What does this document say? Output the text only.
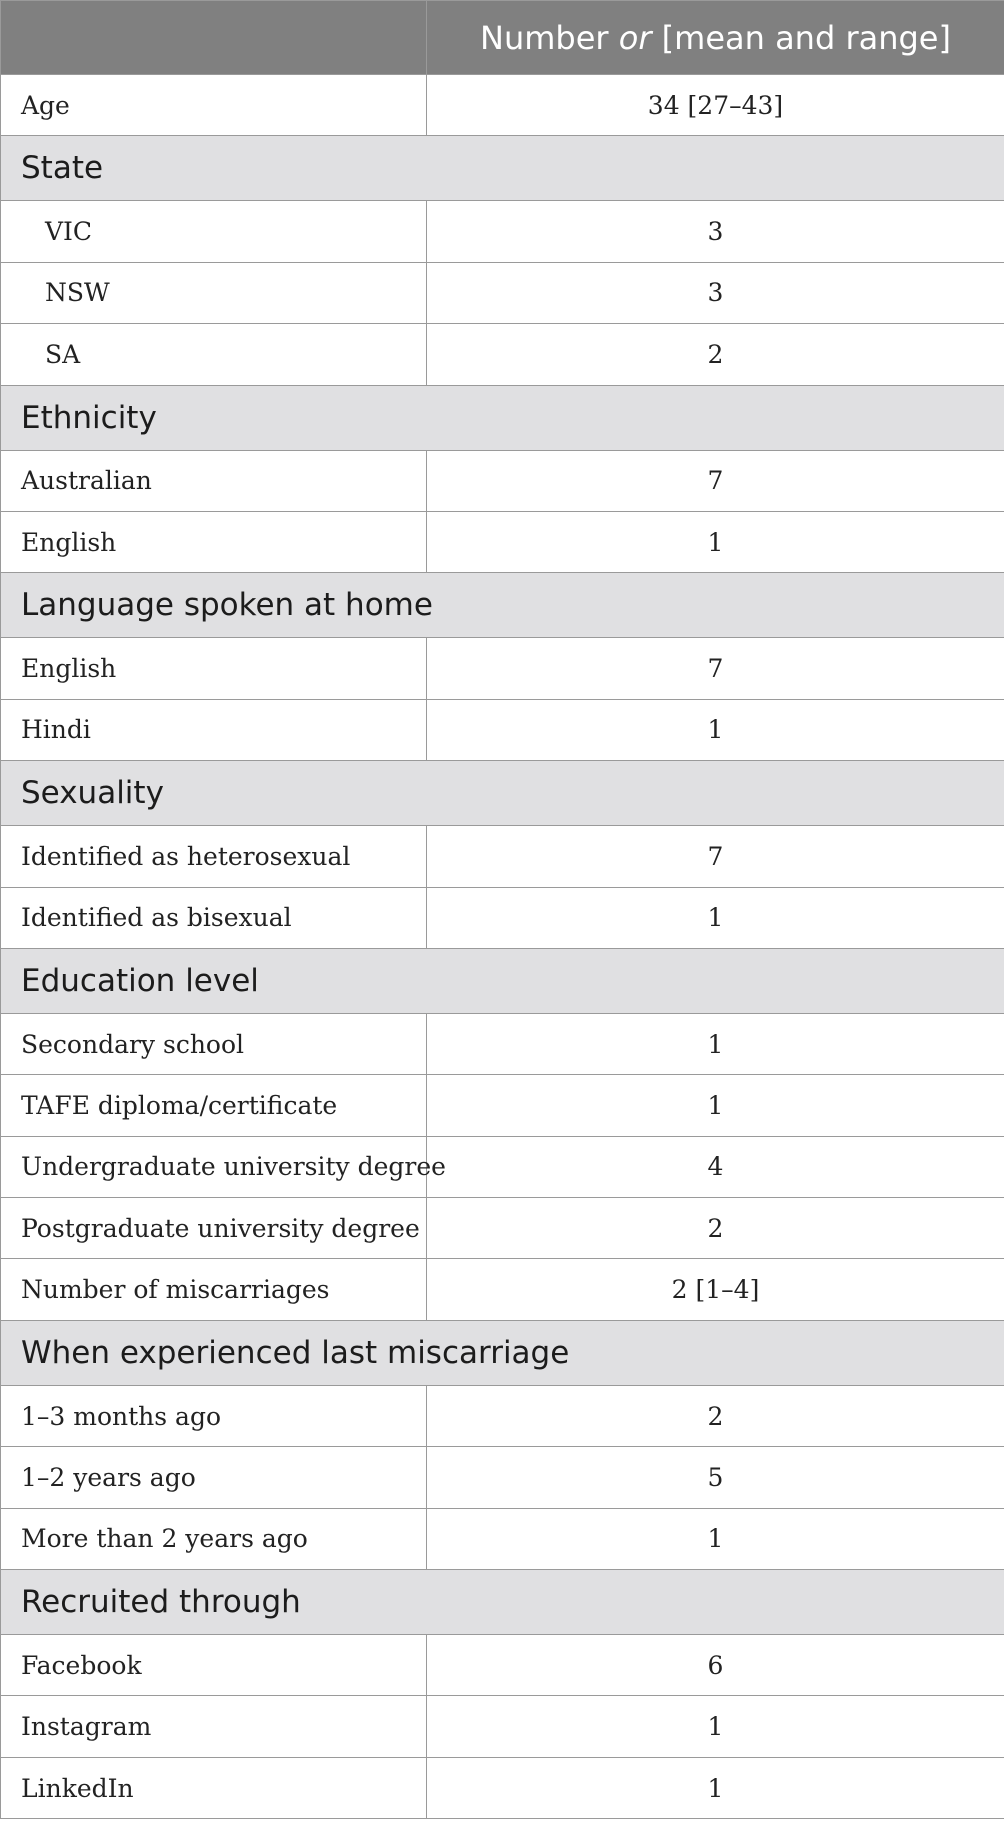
	Number or [mean and range]
Age	34 [27–43]
State	
VIC	3
NSW	3
SA	2
Ethnicity	
Australian	7
English	1
Language spoken at home	
English	7
Hindi	1
Sexuality	
Identified as heterosexual	7
Identified as bisexual	1
Education level	
Secondary school	1
TAFE diploma/certificate	1
Undergraduate university degree	4
Postgraduate university degree	2
Number of miscarriages	2 [1–4]
When experienced last miscarriage	
1–3 months ago	2
1–2 years ago	5
More than 2 years ago	1
Recruited through	
Facebook	6
Instagram	1
LinkedIn	1
